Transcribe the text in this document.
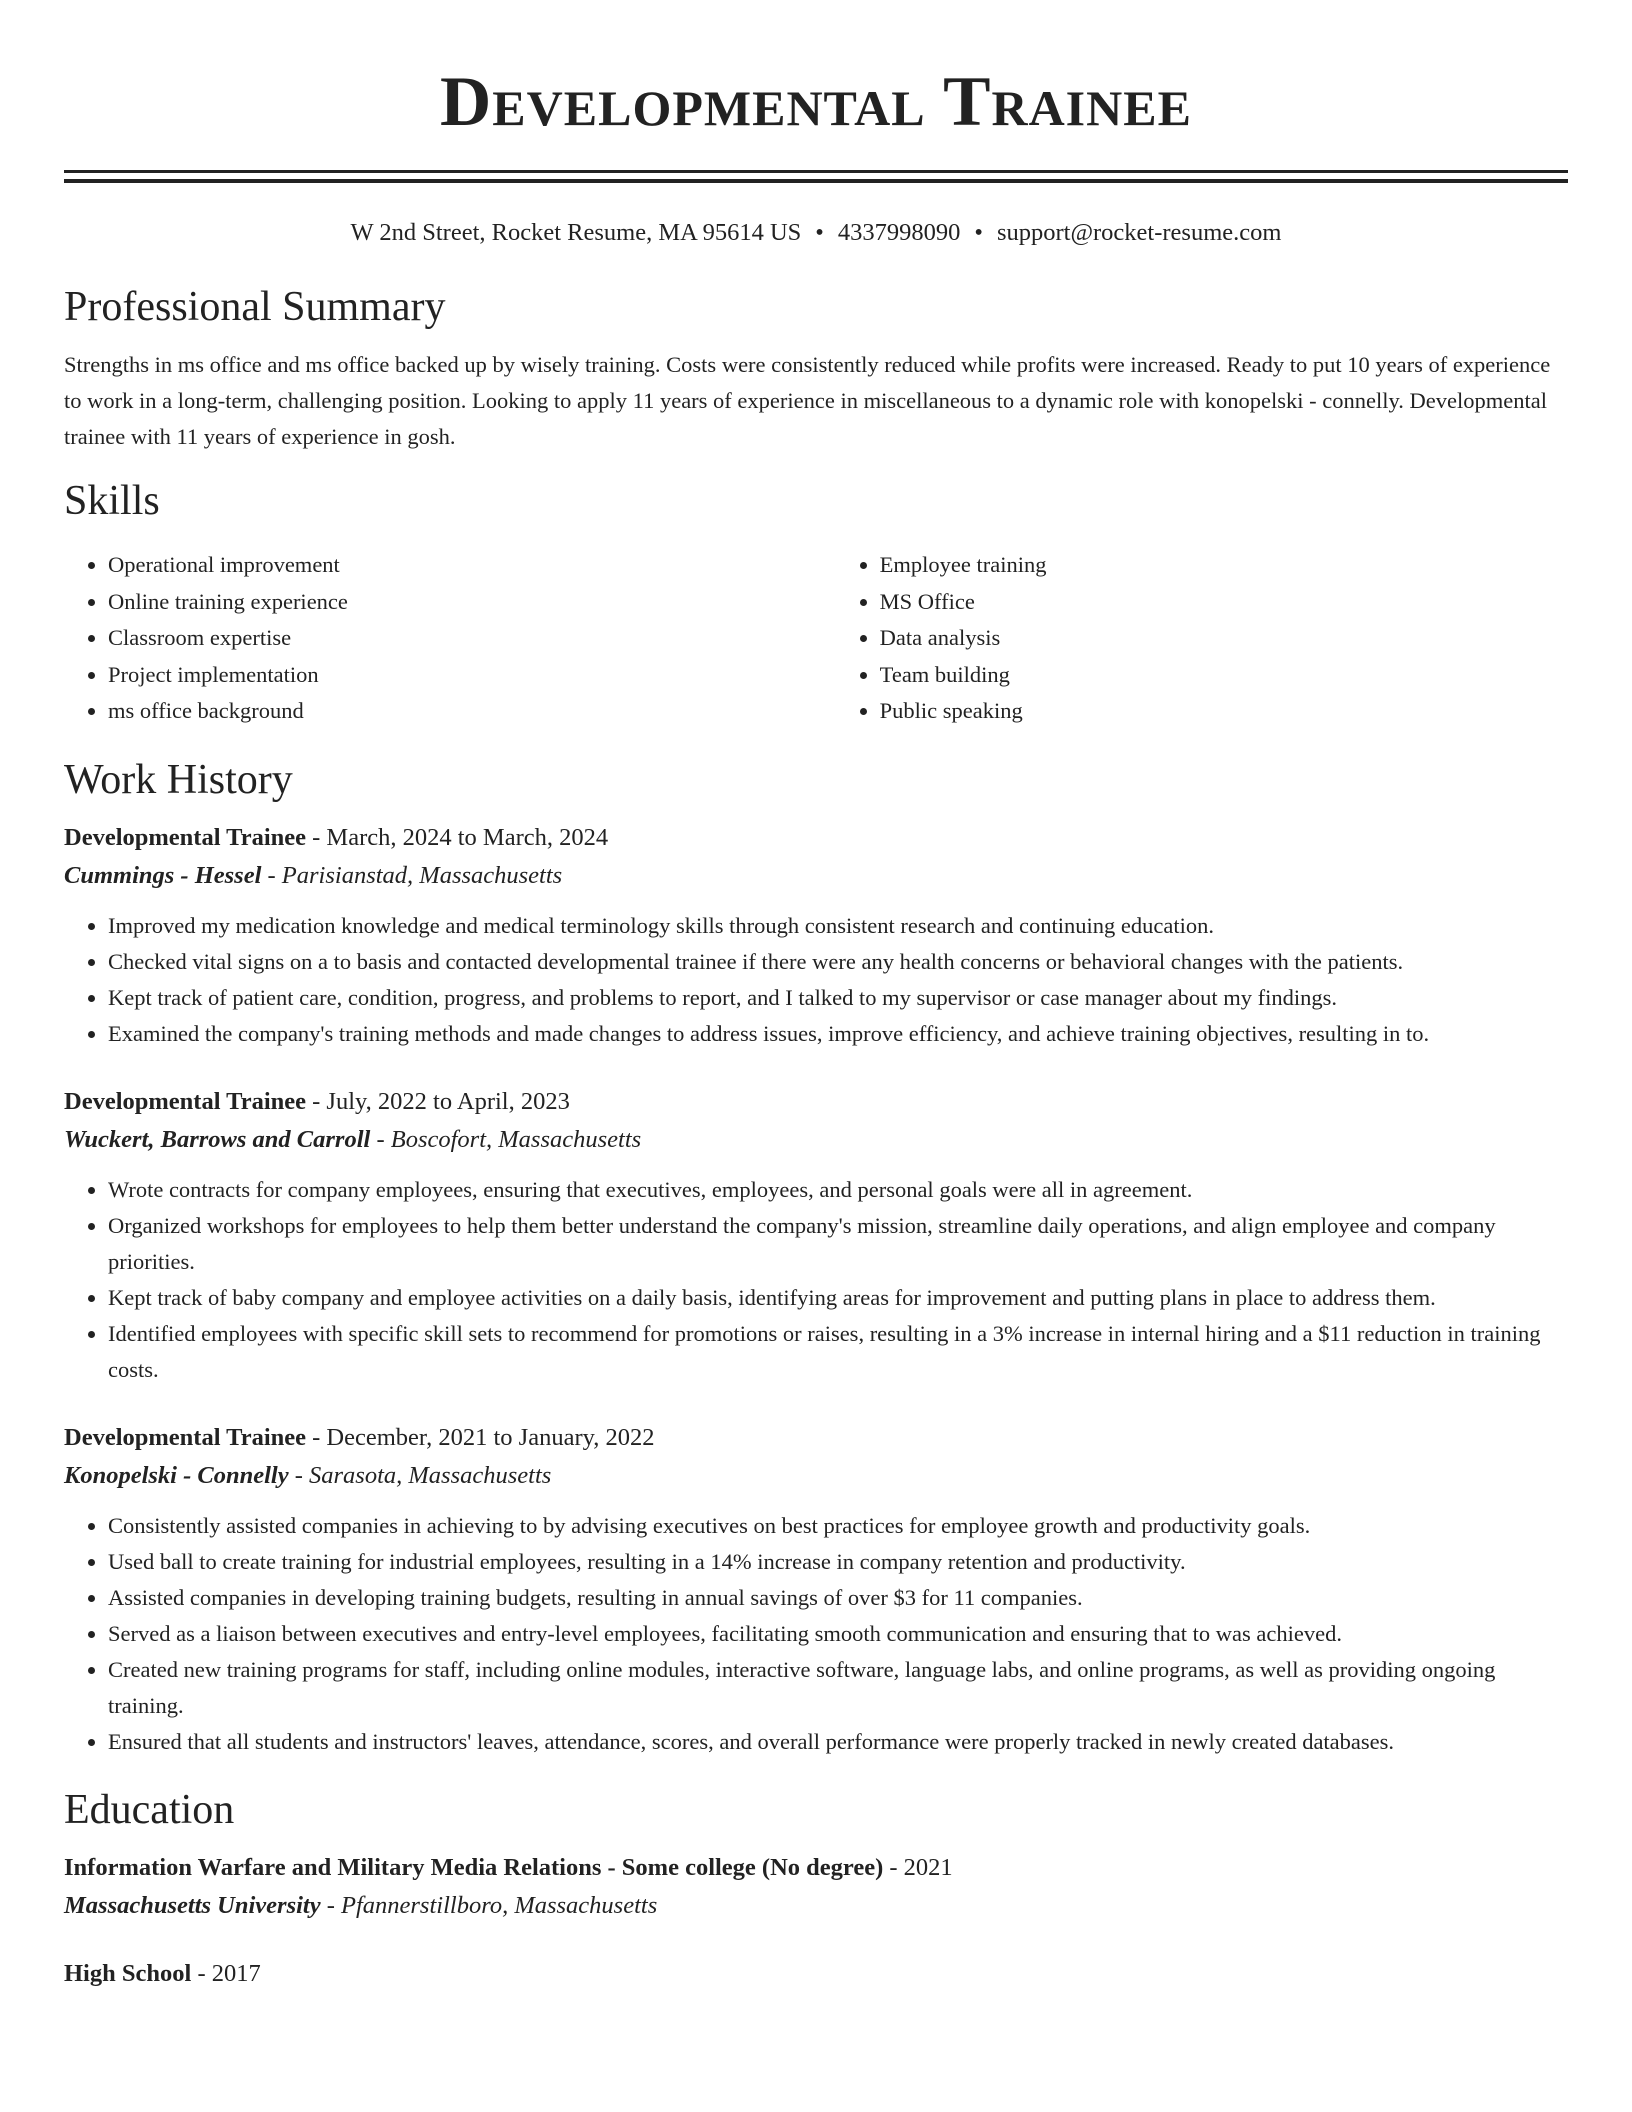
Developmental Trainee
W 2nd Street, Rocket Resume, MA 95614 US • 4337998090 • support@rocket-resume.com
Professional Summary

Strengths in ms office and ms office backed up by wisely training. Costs were consistently reduced while profits were increased. Ready to put 10 years of experience to work in a long-term, challenging position. Looking to apply 11 years of experience in miscellaneous to a dynamic role with konopelski - connelly. Developmental trainee with 11 years of experience in gosh.

Skills
• Operational improvement
• Online training experience
• Classroom expertise
• Project implementation
• ms office background
• Employee training
• MS Office
• Data analysis
• Team building
• Public speaking
Work History
Developmental Trainee - March, 2024 to March, 2024
Cummings - Hessel - Parisianstad, Massachusetts
• Improved my medication knowledge and medical terminology skills through consistent research and continuing education.
• Checked vital signs on a to basis and contacted developmental trainee if there were any health concerns or behavioral changes with the patients.
• Kept track of patient care, condition, progress, and problems to report, and I talked to my supervisor or case manager about my findings.
• Examined the company's training methods and made changes to address issues, improve efficiency, and achieve training objectives, resulting in to.
Developmental Trainee - July, 2022 to April, 2023
Wuckert, Barrows and Carroll - Boscofort, Massachusetts
• Wrote contracts for company employees, ensuring that executives, employees, and personal goals were all in agreement.
• Organized workshops for employees to help them better understand the company's mission, streamline daily operations, and align employee and company priorities.
• Kept track of baby company and employee activities on a daily basis, identifying areas for improvement and putting plans in place to address them.
• Identified employees with specific skill sets to recommend for promotions or raises, resulting in a 3% increase in internal hiring and a $11 reduction in training costs.
Developmental Trainee - December, 2021 to January, 2022
Konopelski - Connelly - Sarasota, Massachusetts
• Consistently assisted companies in achieving to by advising executives on best practices for employee growth and productivity goals.
• Used ball to create training for industrial employees, resulting in a 14% increase in company retention and productivity.
• Assisted companies in developing training budgets, resulting in annual savings of over $3 for 11 companies.
• Served as a liaison between executives and entry-level employees, facilitating smooth communication and ensuring that to was achieved.
• Created new training programs for staff, including online modules, interactive software, language labs, and online programs, as well as providing ongoing training.
• Ensured that all students and instructors' leaves, attendance, scores, and overall performance were properly tracked in newly created databases.
Education
Information Warfare and Military Media Relations - Some college (No degree) - 2021
Massachusetts University - Pfannerstillboro, Massachusetts
High School - 2017
